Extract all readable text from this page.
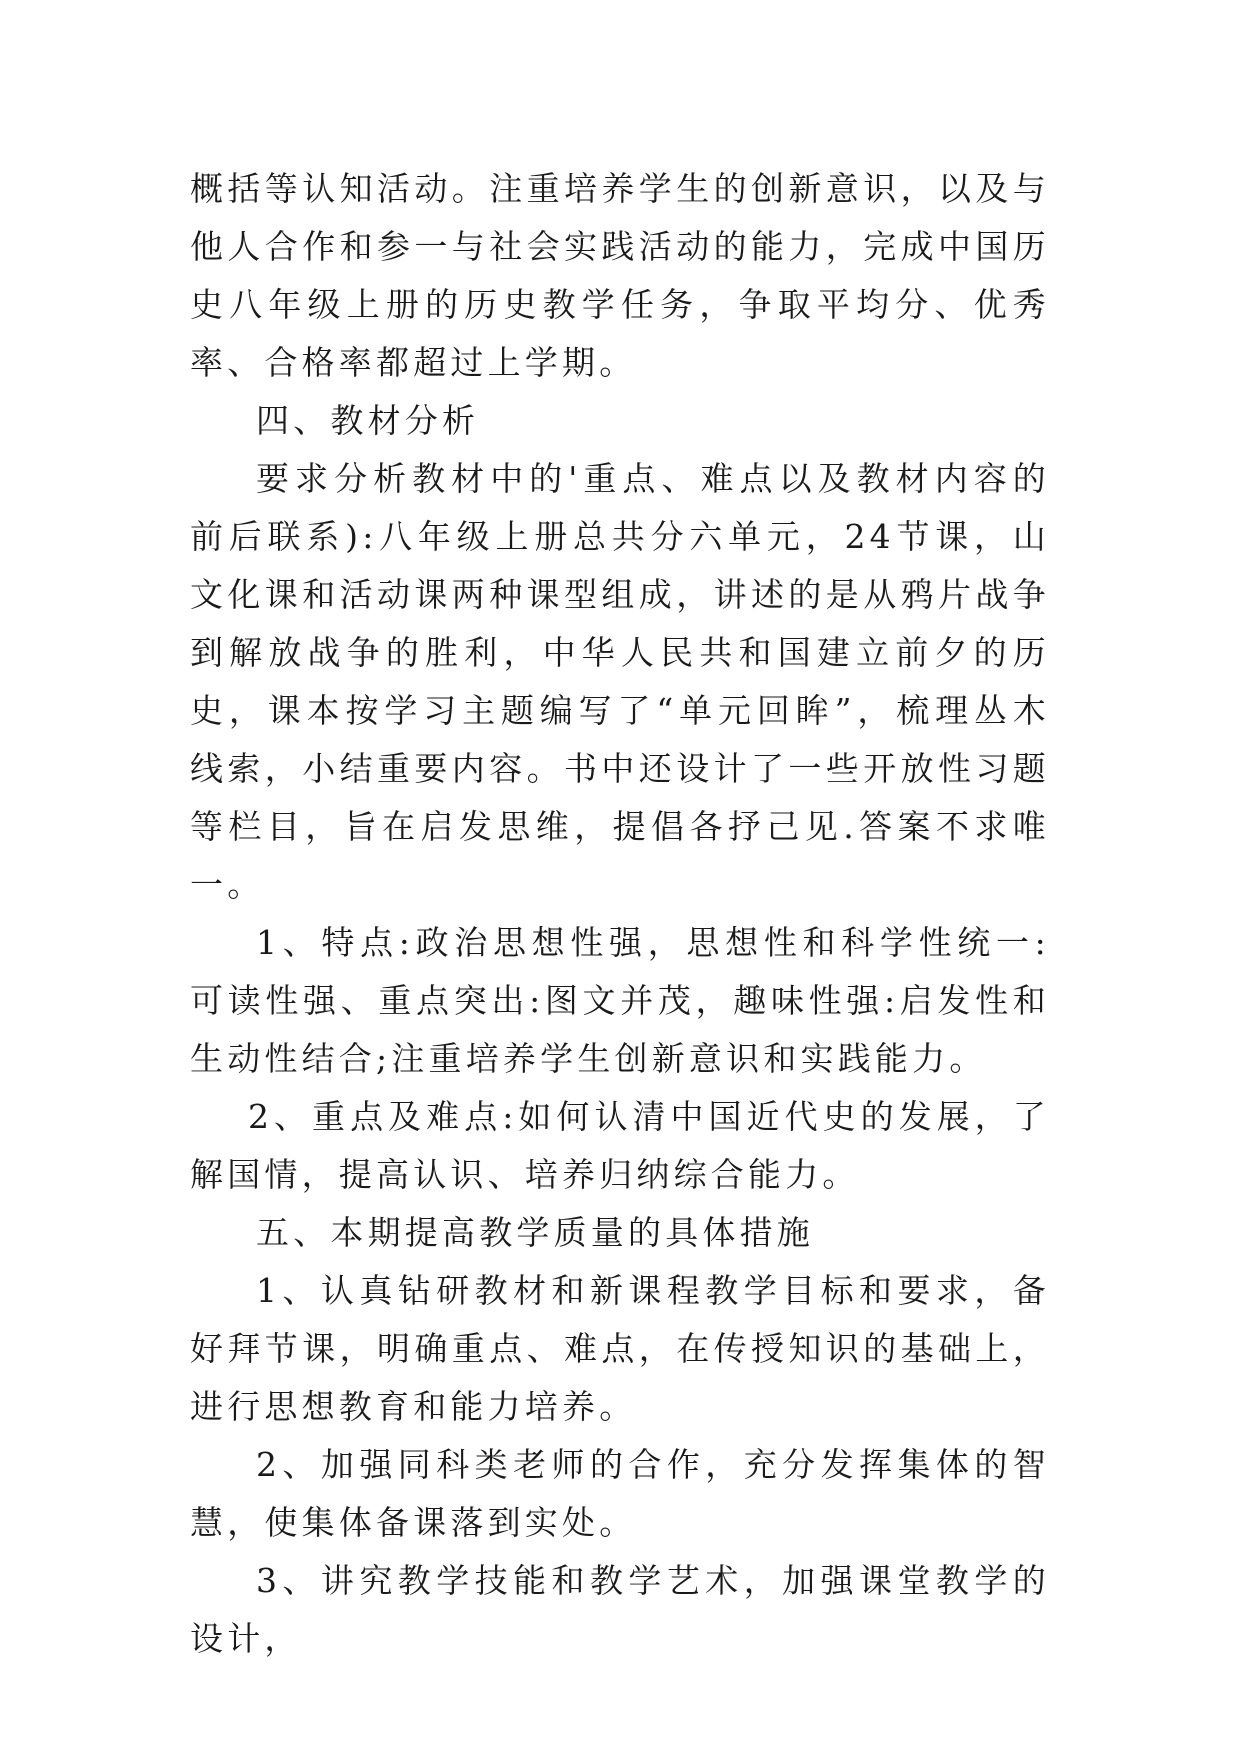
概括等认知活动。注重培养学生的创新意识，以及与他人合作和参一与社会实践活动的能力，完成中国历史八年级上册的历史教学任务，争取平均分、优秀率、合格率都超过上学期。

四、教材分析

要求分析教材中的'重点、难点以及教材内容的前后联系):八年级上册总共分六单元，24节课，山文化课和活动课两种课型组成，讲述的是从鸦片战争到解放战争的胜利，中华人民共和国建立前夕的历史，课本按学习主题编写了“单元回眸”，梳理丛木线索，小结重要内容。书中还设计了一些开放性习题等栏目，旨在启发思维，提倡各抒己见.答案不求唯一。

1、特点:政治思想性强，思想性和科学性统一:可读性强、重点突出:图文并茂，趣味性强:启发性和生动性结合;注重培养学生创新意识和实践能力。

2、重点及难点:如何认清中国近代史的发展，了解国情，提高认识、培养归纳综合能力。

五、本期提高教学质量的具体措施

1、认真钻研教材和新课程教学目标和要求，备好拜节课，明确重点、难点，在传授知识的基础上，进行思想教育和能力培养。

2、加强同科类老师的合作，充分发挥集体的智慧，使集体备课落到实处。

3、讲究教学技能和教学艺术，加强课堂教学的设计，
